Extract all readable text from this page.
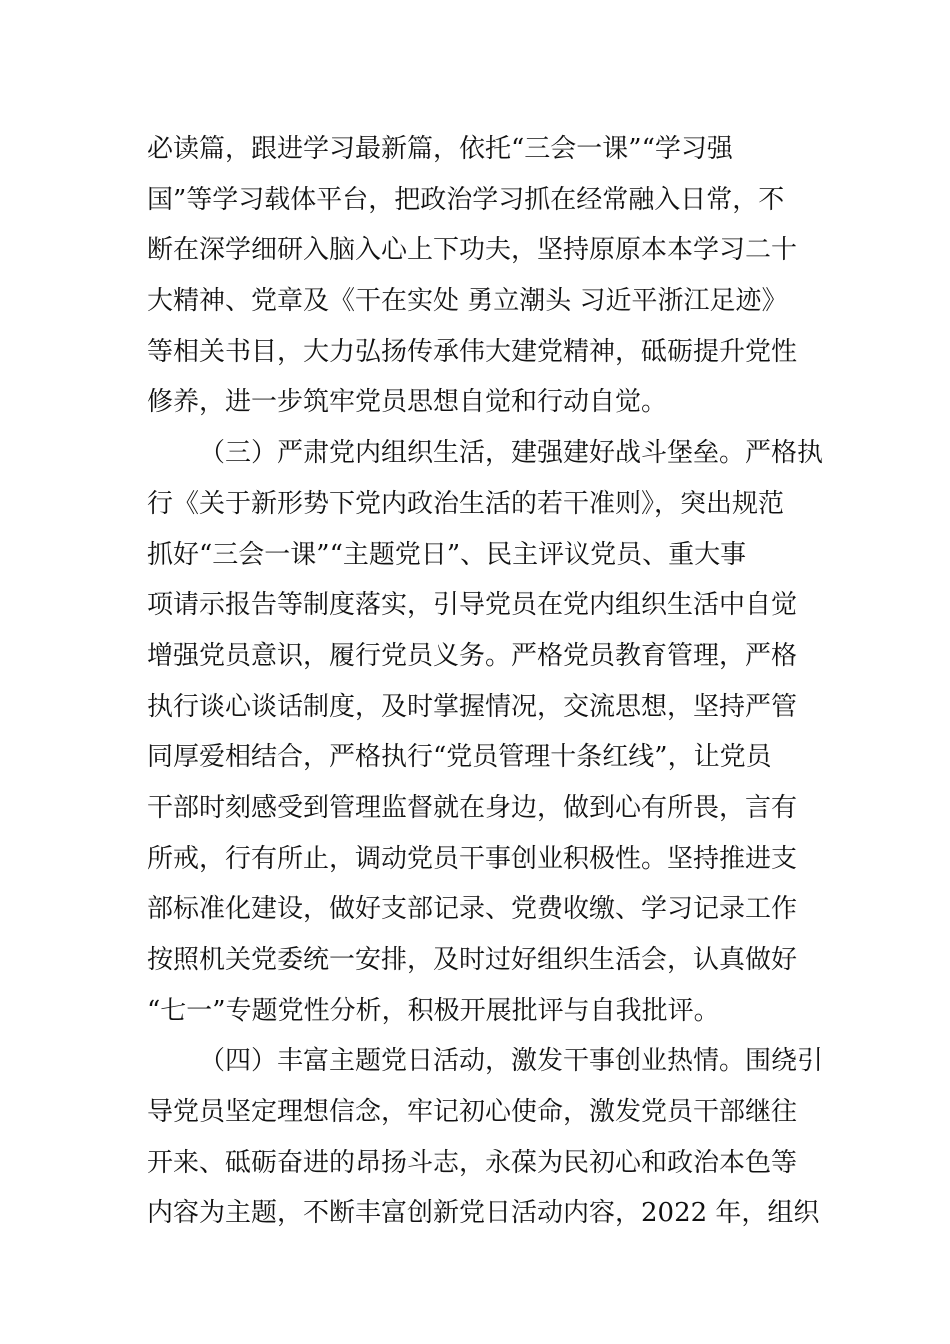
必读篇，跟进学习最新篇，依托“三会一课”“学习强
国”等学习载体平台，把政治学习抓在经常融入日常，不
断在深学细研入脑入心上下功夫，坚持原原本本学习二十
大精神、党章及《干在实处 勇立潮头 习近平浙江足迹》
等相关书目，大力弘扬传承伟大建党精神，砥砺提升党性
修养，进一步筑牢党员思想自觉和行动自觉。
（三）严肃党内组织生活，建强建好战斗堡垒。严格执
行《关于新形势下党内政治生活的若干准则》，突出规范
抓好“三会一课”“主题党日”、民主评议党员、重大事
项请示报告等制度落实，引导党员在党内组织生活中自觉
增强党员意识，履行党员义务。严格党员教育管理，严格
执行谈心谈话制度，及时掌握情况，交流思想，坚持严管
同厚爱相结合，严格执行“党员管理十条红线”，让党员
干部时刻感受到管理监督就在身边，做到心有所畏，言有
所戒，行有所止，调动党员干事创业积极性。坚持推进支
部标准化建设，做好支部记录、党费收缴、学习记录工作
按照机关党委统一安排，及时过好组织生活会，认真做好
“七一”专题党性分析，积极开展批评与自我批评。
（四）丰富主题党日活动，激发干事创业热情。围绕引
导党员坚定理想信念，牢记初心使命，激发党员干部继往
开来、砥砺奋进的昂扬斗志，永葆为民初心和政治本色等
内容为主题，不断丰富创新党日活动内容，2022 年，组织
